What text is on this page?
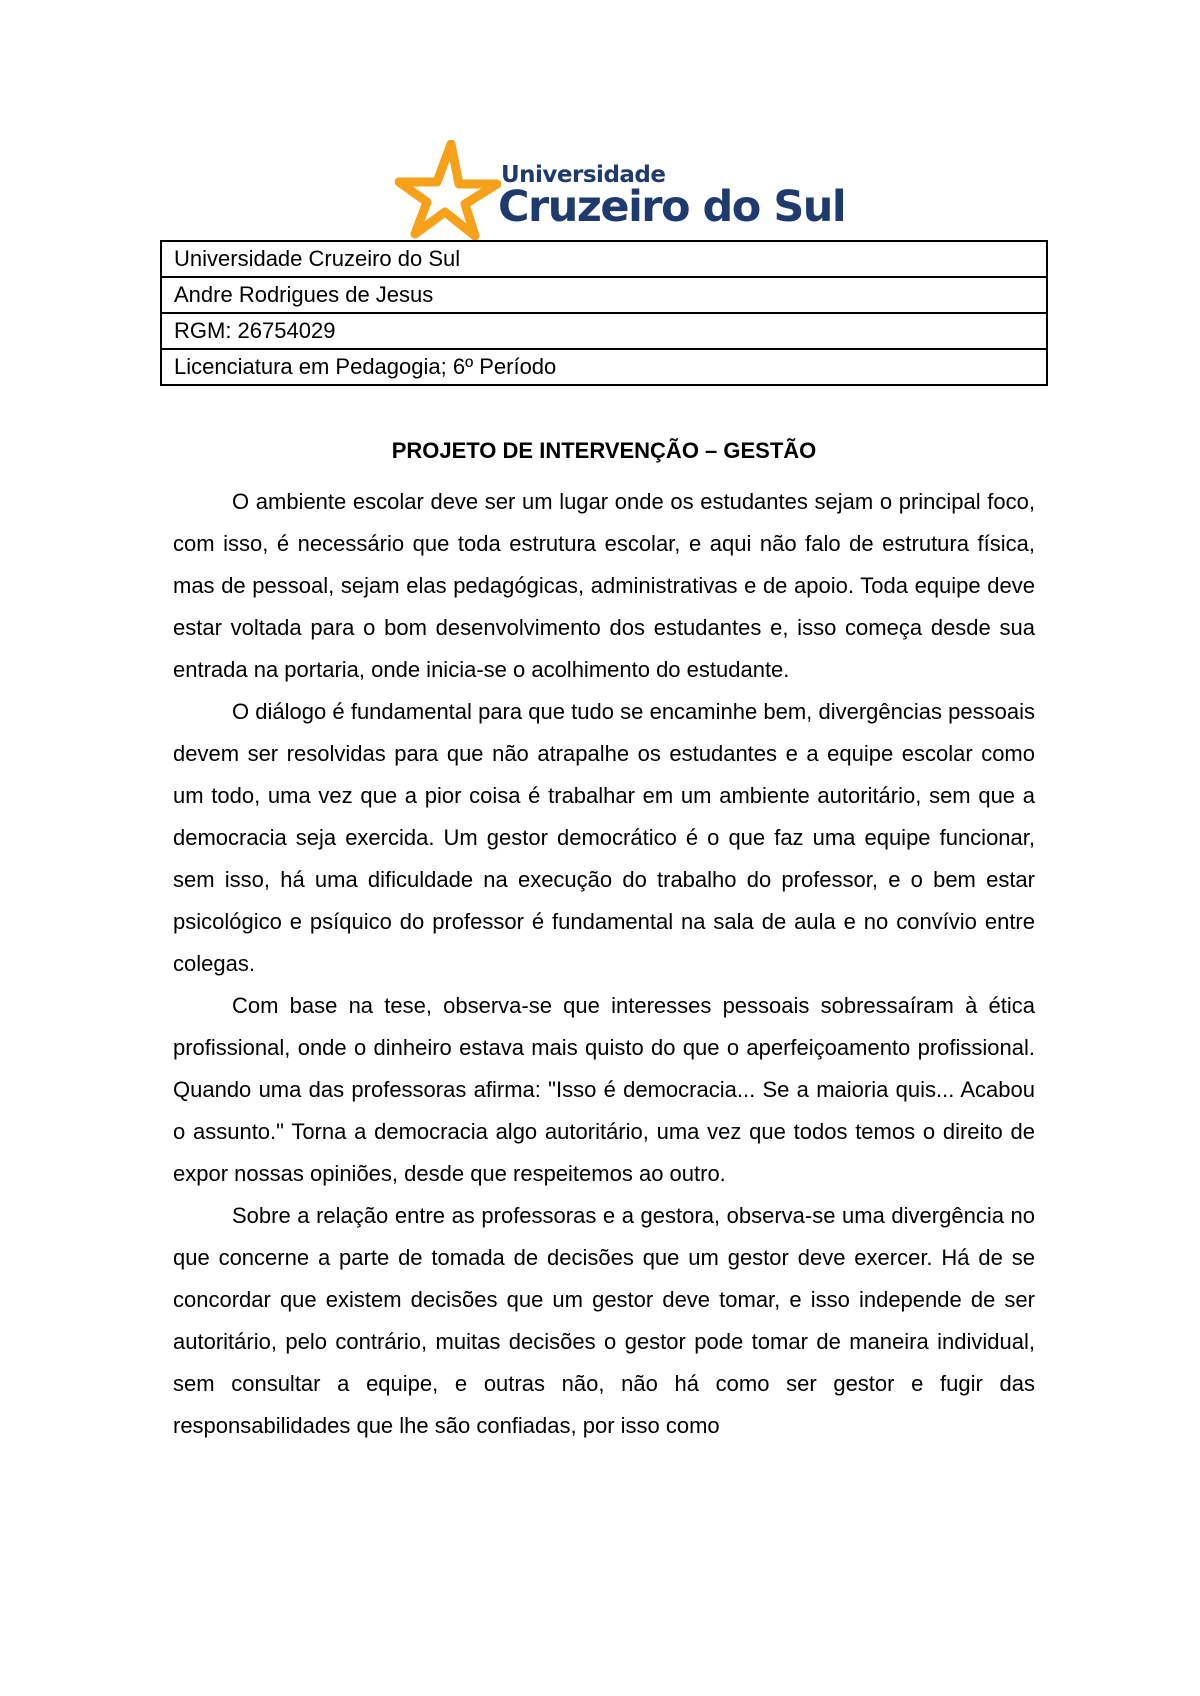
Universidade
Cruzeiro do Sul
Universidade Cruzeiro do Sul
Andre Rodrigues de Jesus
RGM: 26754029
Licenciatura em Pedagogia; 6º Período
PROJETO DE INTERVENÇÃO – GESTÃO

O ambiente escolar deve ser um lugar onde os estudantes sejam o principal foco, com isso, é necessário que toda estrutura escolar, e aqui não falo de estrutura física, mas de pessoal, sejam elas pedagógicas, administrativas e de apoio. Toda equipe deve estar voltada para o bom desenvolvimento dos estudantes e, isso começa desde sua entrada na portaria, onde inicia-se o acolhimento do estudante.

O diálogo é fundamental para que tudo se encaminhe bem, divergências pessoais devem ser resolvidas para que não atrapalhe os estudantes e a equipe escolar como um todo, uma vez que a pior coisa é trabalhar em um ambiente autoritário, sem que a democracia seja exercida. Um gestor democrático é o que faz uma equipe funcionar, sem isso, há uma dificuldade na execução do trabalho do professor, e o bem estar psicológico e psíquico do professor é fundamental na sala de aula e no convívio entre colegas.

Com base na tese, observa-se que interesses pessoais sobressaíram à ética profissional, onde o dinheiro estava mais quisto do que o aperfeiçoamento profissional. Quando uma das professoras afirma: "Isso é democracia... Se a maioria quis... Acabou o assunto." Torna a democracia algo autoritário, uma vez que todos temos o direito de expor nossas opiniões, desde que respeitemos ao outro.

Sobre a relação entre as professoras e a gestora, observa-se uma divergência no que concerne a parte de tomada de decisões que um gestor deve exercer. Há de se concordar que existem decisões que um gestor deve tomar, e isso independe de ser autoritário, pelo contrário, muitas decisões o gestor pode tomar de maneira individual, sem consultar a equipe, e outras não, não há como ser gestor e fugir das responsabilidades que lhe são confiadas, por isso como
